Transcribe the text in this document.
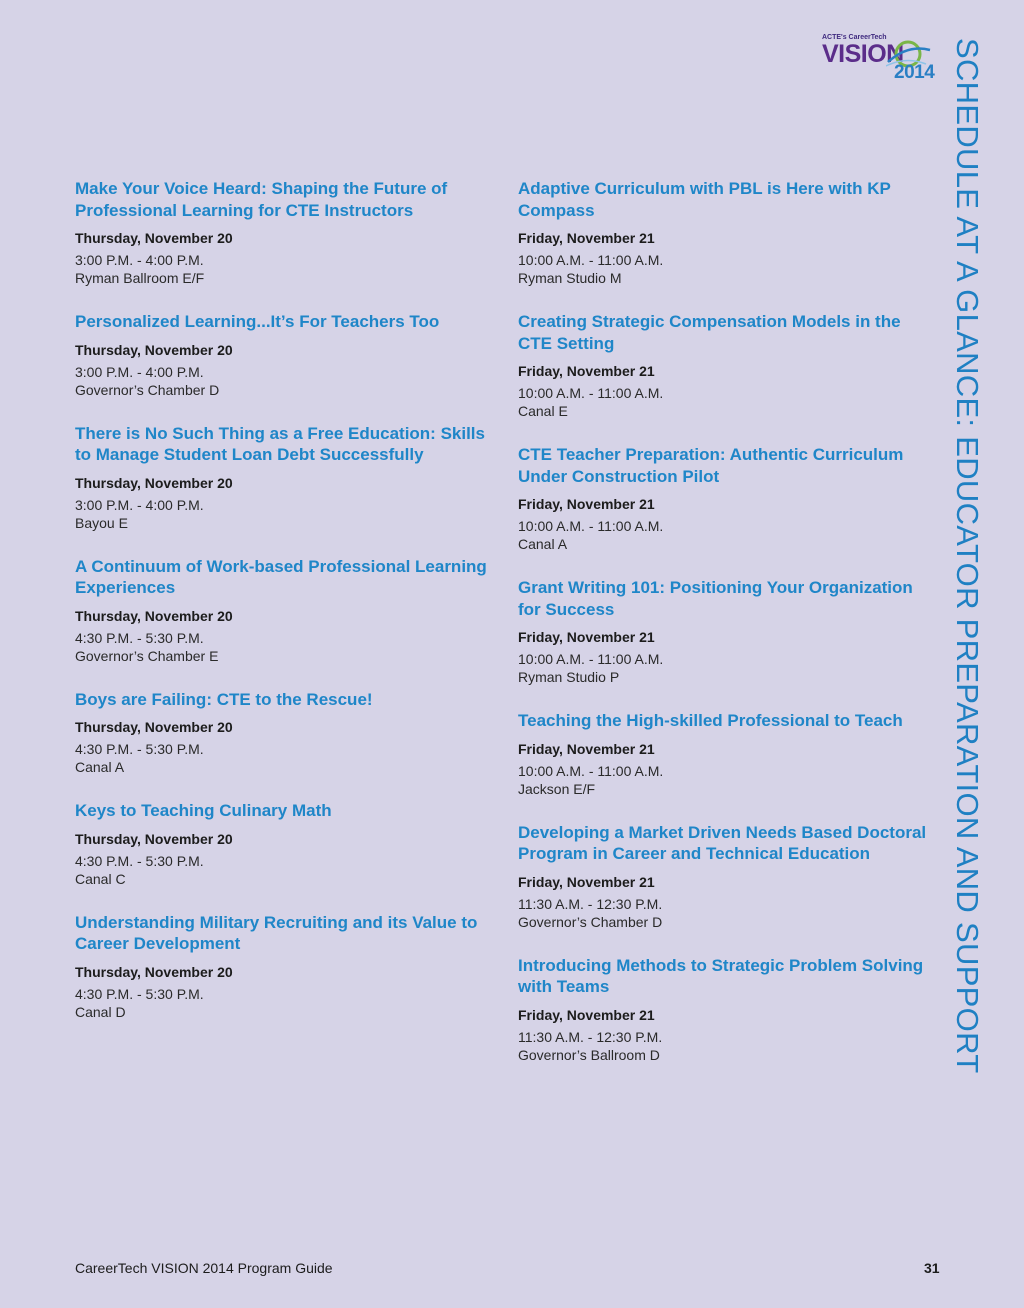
ACTE's CareerTech
VISION
2014 SCHEDULE AT A GLANCE: EDUCATOR PREPARATION AND SUPPORT
Make Your Voice Heard: Shaping the Future of Professional Learning for CTE Instructors
Thursday, November 20
3:00 P.M. - 4:00 P.M.
Ryman Ballroom E/F
Personalized Learning...It’s For Teachers Too
Thursday, November 20
3:00 P.M. - 4:00 P.M.
Governor’s Chamber D
There is No Such Thing as a Free Education: Skills to Manage Student Loan Debt Successfully
Thursday, November 20
3:00 P.M. - 4:00 P.M.
Bayou E
A Continuum of Work-based Professional Learning Experiences
Thursday, November 20
4:30 P.M. - 5:30 P.M.
Governor’s Chamber E
Boys are Failing: CTE to the Rescue!
Thursday, November 20
4:30 P.M. - 5:30 P.M.
Canal A
Keys to Teaching Culinary Math
Thursday, November 20
4:30 P.M. - 5:30 P.M.
Canal C
Understanding Military Recruiting and its Value to Career Development
Thursday, November 20
4:30 P.M. - 5:30 P.M.
Canal D
Adaptive Curriculum with PBL is Here with KP Compass
Friday, November 21
10:00 A.M. - 11:00 A.M.
Ryman Studio M
Creating Strategic Compensation Models in the CTE Setting
Friday, November 21
10:00 A.M. - 11:00 A.M.
Canal E
CTE Teacher Preparation: Authentic Curriculum Under Construction Pilot
Friday, November 21
10:00 A.M. - 11:00 A.M.
Canal A
Grant Writing 101: Positioning Your Organization for Success
Friday, November 21
10:00 A.M. - 11:00 A.M.
Ryman Studio P
Teaching the High-skilled Professional to Teach
Friday, November 21
10:00 A.M. - 11:00 A.M.
Jackson E/F
Developing a Market Driven Needs Based Doctoral Program in Career and Technical Education
Friday, November 21
11:30 A.M. - 12:30 P.M.
Governor’s Chamber D
Introducing Methods to Strategic Problem Solving with Teams
Friday, November 21
11:30 A.M. - 12:30 P.M.
Governor’s Ballroom D
CareerTech VISION 2014 Program Guide	31
